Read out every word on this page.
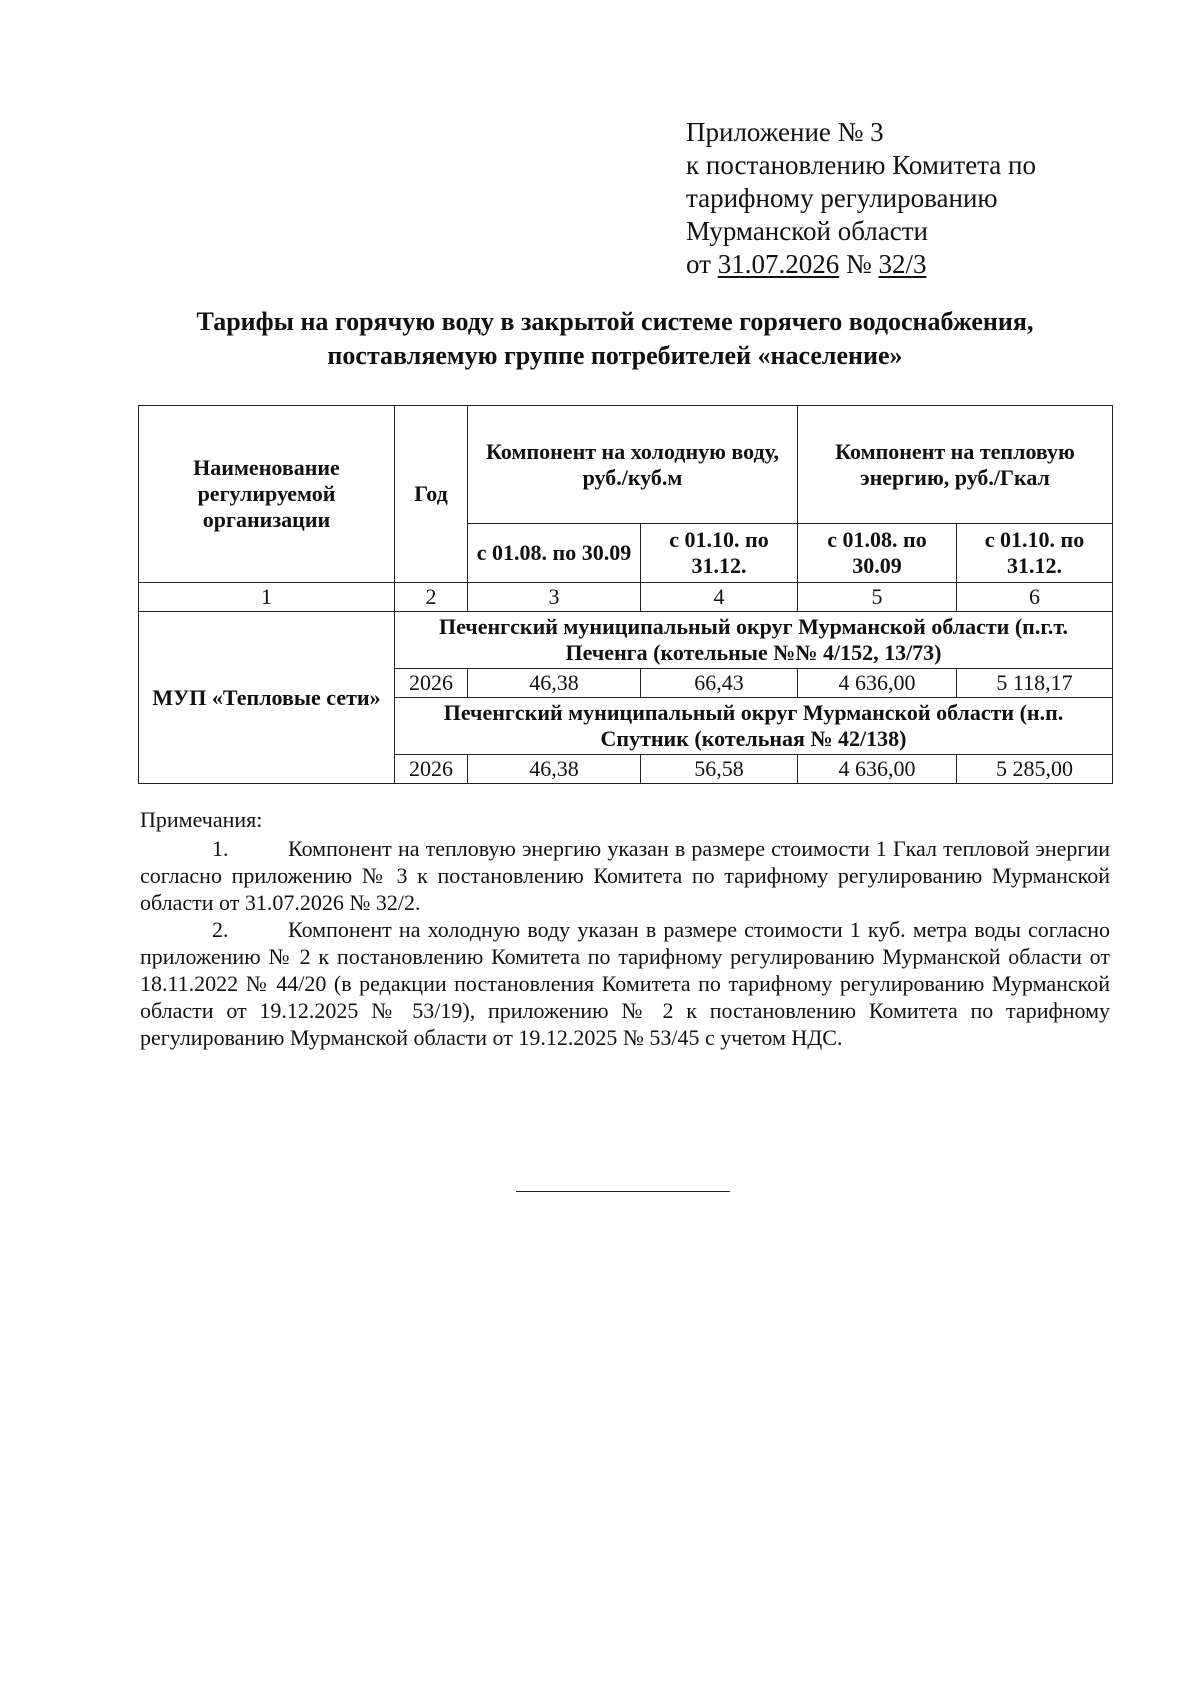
Приложение № 3
к постановлению Комитета по
тарифному регулированию
Мурманской области
от 31.07.2026 № 32/3
Тарифы на горячую воду в закрытой системе горячего водоснабжения,
поставляемую группе потребителей «население»
Наименование регулируемой организации	Год	Компонент на холодную воду, руб./куб.м		Компонент на тепловую энергию, руб./Гкал	
		с 01.08. по 30.09	с 01.10. по 31.12.	с 01.08. по 30.09	с 01.10. по 31.12.
1	2	3	4	5	6
МУП «Тепловые сети»	Печенгский муниципальный округ Мурманской области (п.г.т. Печенга (котельные №№ 4/152, 13/73)				
	2026	46,38	66,43	4 636,00	5 118,17
	Печенгский муниципальный округ Мурманской области (н.п. Спутник (котельная № 42/138)				
	2026	46,38	56,58	4 636,00	5 285,00
Примечания:
1.	Компонент на тепловую энергию указан в размере стоимости 1 Гкал тепловой энергии согласно приложению № 3 к постановлению Комитета по тарифному регулированию Мурманской области от 31.07.2026 № 32/2.
2.	Компонент на холодную воду указан в размере стоимости 1 куб. метра воды согласно приложению № 2 к постановлению Комитета по тарифному регулированию Мурманской области от 18.11.2022 № 44/20 (в редакции постановления Комитета по тарифному регулированию Мурманской области от 19.12.2025 № 53/19), приложению № 2 к постановлению Комитета по тарифному регулированию Мурманской области от 19.12.2025 № 53/45 с учетом НДС.
